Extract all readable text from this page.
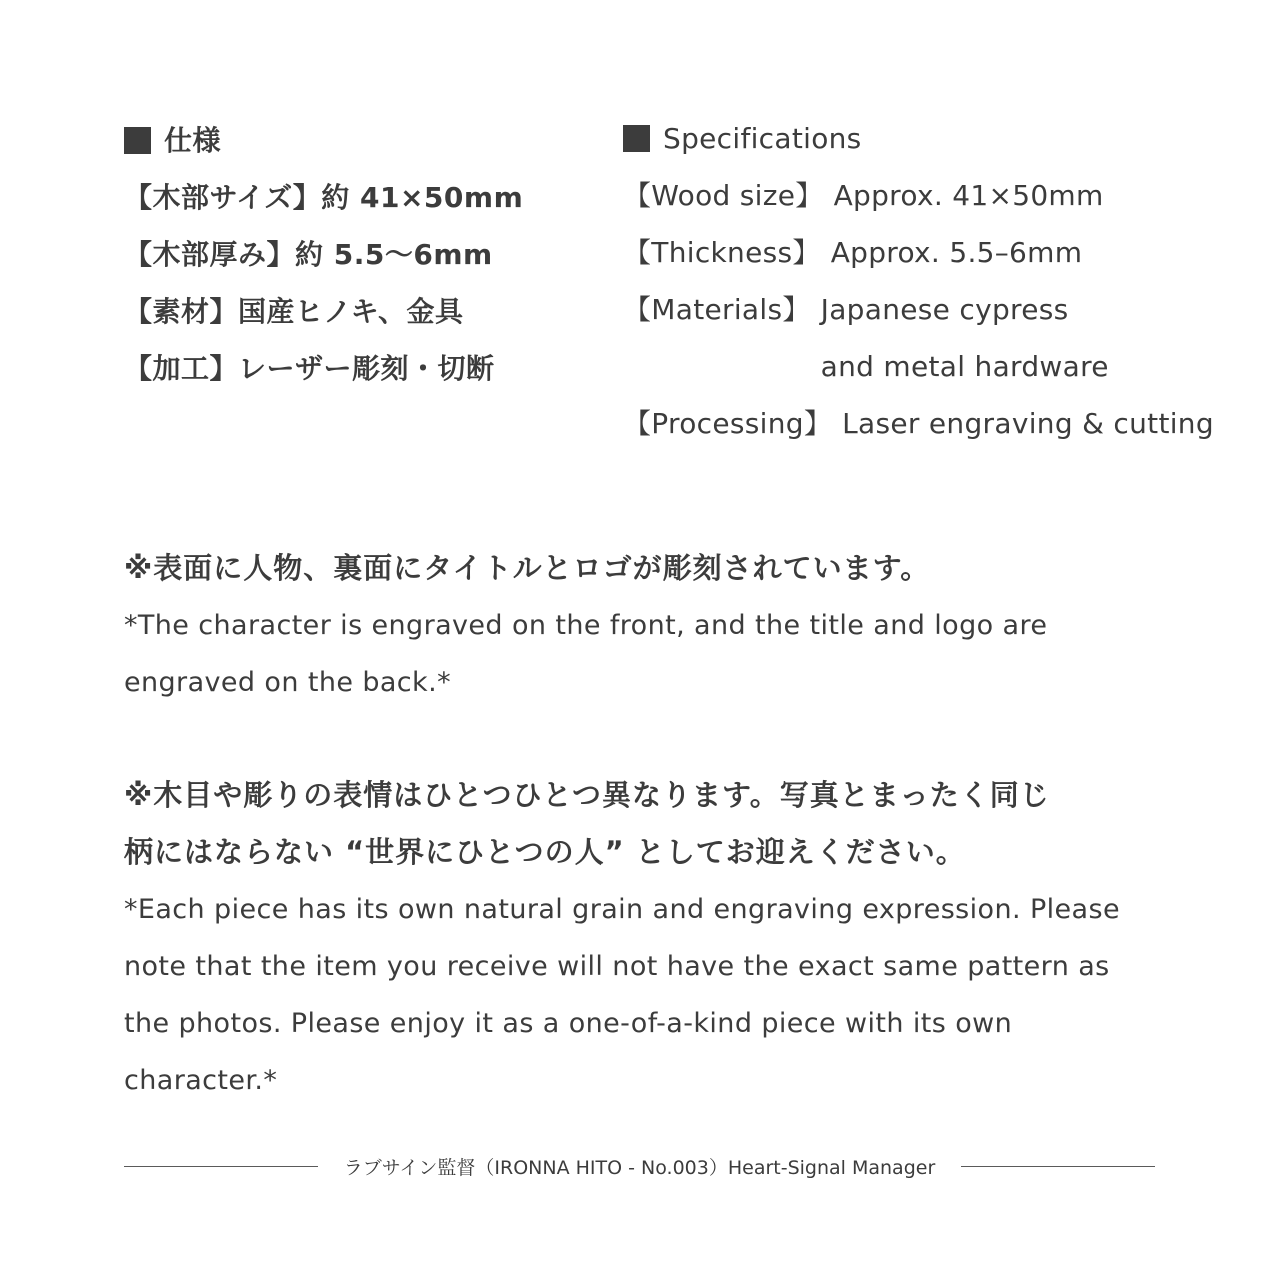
仕様
【木部サイズ】約 41×50mm
【木部厚み】約 5.5〜6mm
【素材】国産ヒノキ、金具
【加工】レーザー彫刻・切断
Specifications
【Wood size】 Approx. 41×50mm
【Thickness】 Approx. 5.5–6mm
【Materials】 Japanese cypress
and metal hardware
【Processing】 Laser engraving & cutting
※表面に人物、裏面にタイトルとロゴが彫刻されています。
*The character is engraved on the front, and the title and logo are engraved on the back.*
※木目や彫りの表情はひとつひとつ異なります。写真とまったく同じ
柄にはならない “世界にひとつの人” としてお迎えください。
*Each piece has its own natural grain and engraving expression. Please note that the item you receive will not have the exact same pattern as the photos. Please enjoy it as a one-of-a-kind piece with its own character.*
ラブサイン監督（IRONNA HITO - No.003）Heart-Signal Manager
